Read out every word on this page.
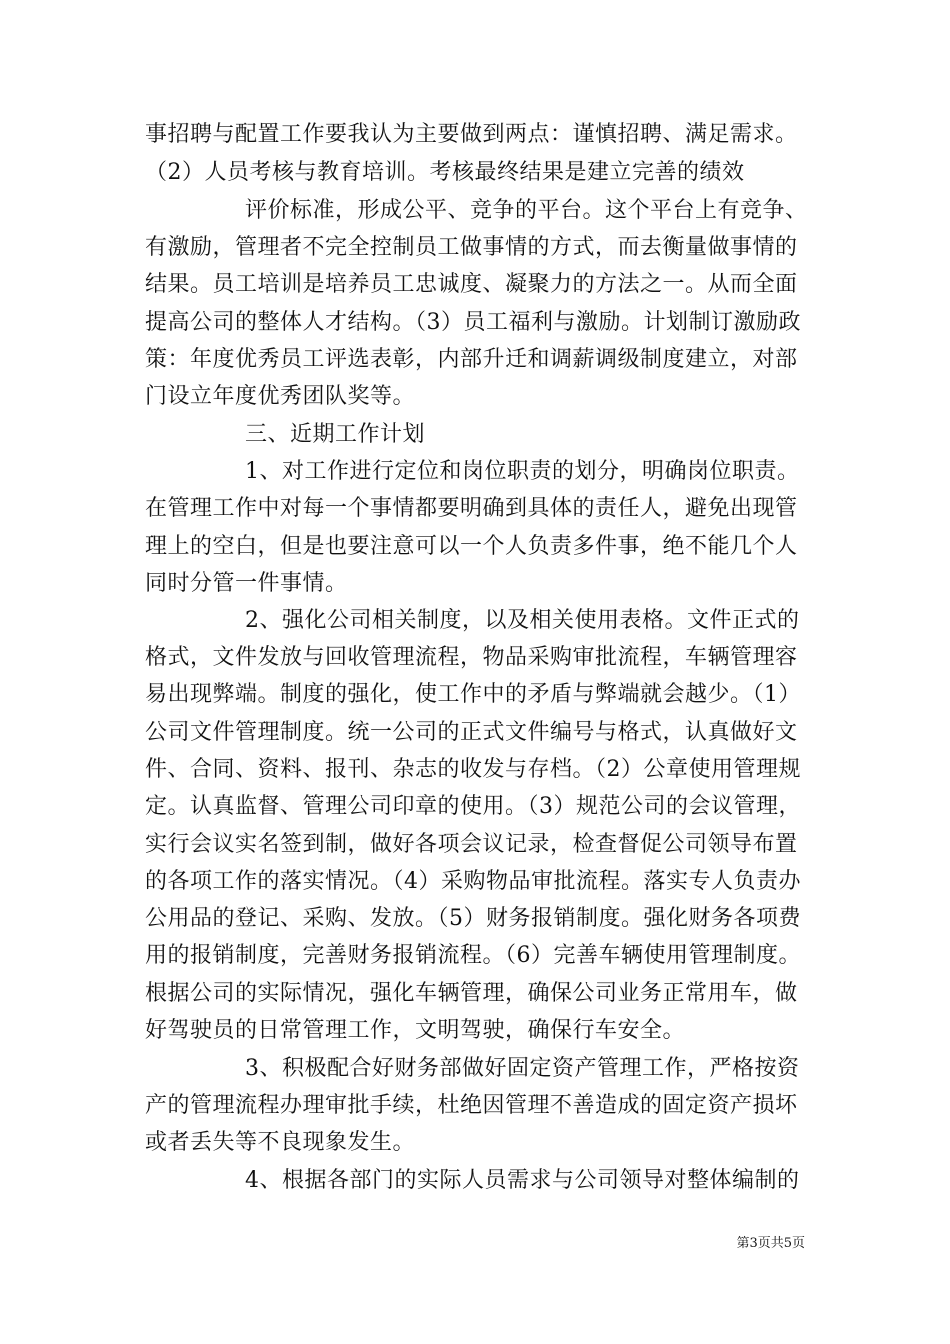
事招聘与配置工作要我认为主要做到两点：谨慎招聘、满足需求。
（2）人员考核与教育培训。考核最终结果是建立完善的绩效
评价标准，形成公平、竞争的平台。这个平台上有竞争、
有激励，管理者不完全控制员工做事情的方式，而去衡量做事情的
结果。员工培训是培养员工忠诚度、凝聚力的方法之一。从而全面
提高公司的整体人才结构。（3）员工福利与激励。计划制订激励政
策：年度优秀员工评选表彰，内部升迁和调薪调级制度建立，对部
门设立年度优秀团队奖等。
三、近期工作计划
1、对工作进行定位和岗位职责的划分，明确岗位职责。
在管理工作中对每一个事情都要明确到具体的责任人，避免出现管
理上的空白，但是也要注意可以一个人负责多件事，绝不能几个人
同时分管一件事情。
2、强化公司相关制度，以及相关使用表格。文件正式的
格式，文件发放与回收管理流程，物品采购审批流程，车辆管理容
易出现弊端。制度的强化，使工作中的矛盾与弊端就会越少。（1）
公司文件管理制度。统一公司的正式文件编号与格式，认真做好文
件、合同、资料、报刊、杂志的收发与存档。（2）公章使用管理规
定。认真监督、管理公司印章的使用。（3）规范公司的会议管理，
实行会议实名签到制，做好各项会议记录，检查督促公司领导布置
的各项工作的落实情况。（4）采购物品审批流程。落实专人负责办
公用品的登记、采购、发放。（5）财务报销制度。强化财务各项费
用的报销制度，完善财务报销流程。（6）完善车辆使用管理制度。
根据公司的实际情况，强化车辆管理，确保公司业务正常用车，做
好驾驶员的日常管理工作，文明驾驶，确保行车安全。
3、积极配合好财务部做好固定资产管理工作，严格按资
产的管理流程办理审批手续，杜绝因管理不善造成的固定资产损坏
或者丢失等不良现象发生。
4、根据各部门的实际人员需求与公司领导对整体编制的
第3页共5页
